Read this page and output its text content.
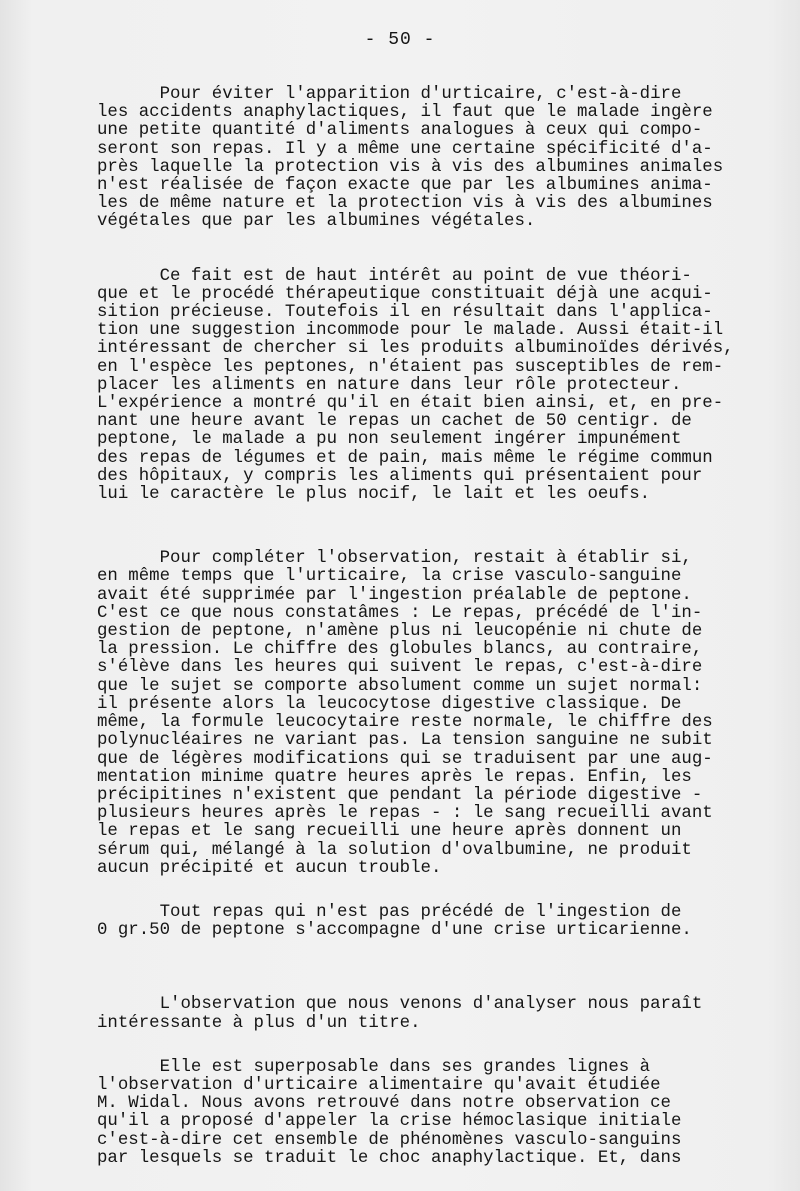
- 50 -
Pour éviter l'apparition d'urticaire, c'est-à-dire
les accidents anaphylactiques, il faut que le malade ingère
une petite quantité d'aliments analogues à ceux qui compo-
seront son repas. Il y a même une certaine spécificité d'a-
près laquelle la protection vis à vis des albumines animales
n'est réalisée de façon exacte que par les albumines anima-
les de même nature et la protection vis à vis des albumines
végétales que par les albumines végétales.
Ce fait est de haut intérêt au point de vue théori-
que et le procédé thérapeutique constituait déjà une acqui-
sition précieuse. Toutefois il en résultait dans l'applica-
tion une suggestion incommode pour le malade. Aussi était-il
intéressant de chercher si les produits albuminoïdes dérivés,
en l'espèce les peptones, n'étaient pas susceptibles de rem-
placer les aliments en nature dans leur rôle protecteur.
L'expérience a montré qu'il en était bien ainsi, et, en pre-
nant une heure avant le repas un cachet de 50 centigr. de
peptone, le malade a pu non seulement ingérer impunément
des repas de légumes et de pain, mais même le régime commun
des hôpitaux, y compris les aliments qui présentaient pour
lui le caractère le plus nocif, le lait et les oeufs.
Pour compléter l'observation, restait à établir si,
en même temps que l'urticaire, la crise vasculo-sanguine
avait été supprimée par l'ingestion préalable de peptone.
C'est ce que nous constatâmes : Le repas, précédé de l'in-
gestion de peptone, n'amène plus ni leucopénie ni chute de
la pression. Le chiffre des globules blancs, au contraire,
s'élève dans les heures qui suivent le repas, c'est-à-dire
que le sujet se comporte absolument comme un sujet normal:
il présente alors la leucocytose digestive classique. De
même, la formule leucocytaire reste normale, le chiffre des
polynucléaires ne variant pas. La tension sanguine ne subit
que de légères modifications qui se traduisent par une aug-
mentation minime quatre heures après le repas. Enfin, les
précipitines n'existent que pendant la période digestive -
plusieurs heures après le repas - : le sang recueilli avant
le repas et le sang recueilli une heure après donnent un
sérum qui, mélangé à la solution d'ovalbumine, ne produit
aucun précipité et aucun trouble.
Tout repas qui n'est pas précédé de l'ingestion de
0 gr.50 de peptone s'accompagne d'une crise urticarienne.
L'observation que nous venons d'analyser nous paraît
intéressante à plus d'un titre.
Elle est superposable dans ses grandes lignes à
l'observation d'urticaire alimentaire qu'avait étudiée
M. Widal. Nous avons retrouvé dans notre observation ce
qu'il a proposé d'appeler la crise hémoclasique initiale
c'est-à-dire cet ensemble de phénomènes vasculo-sanguins
par lesquels se traduit le choc anaphylactique. Et, dans
